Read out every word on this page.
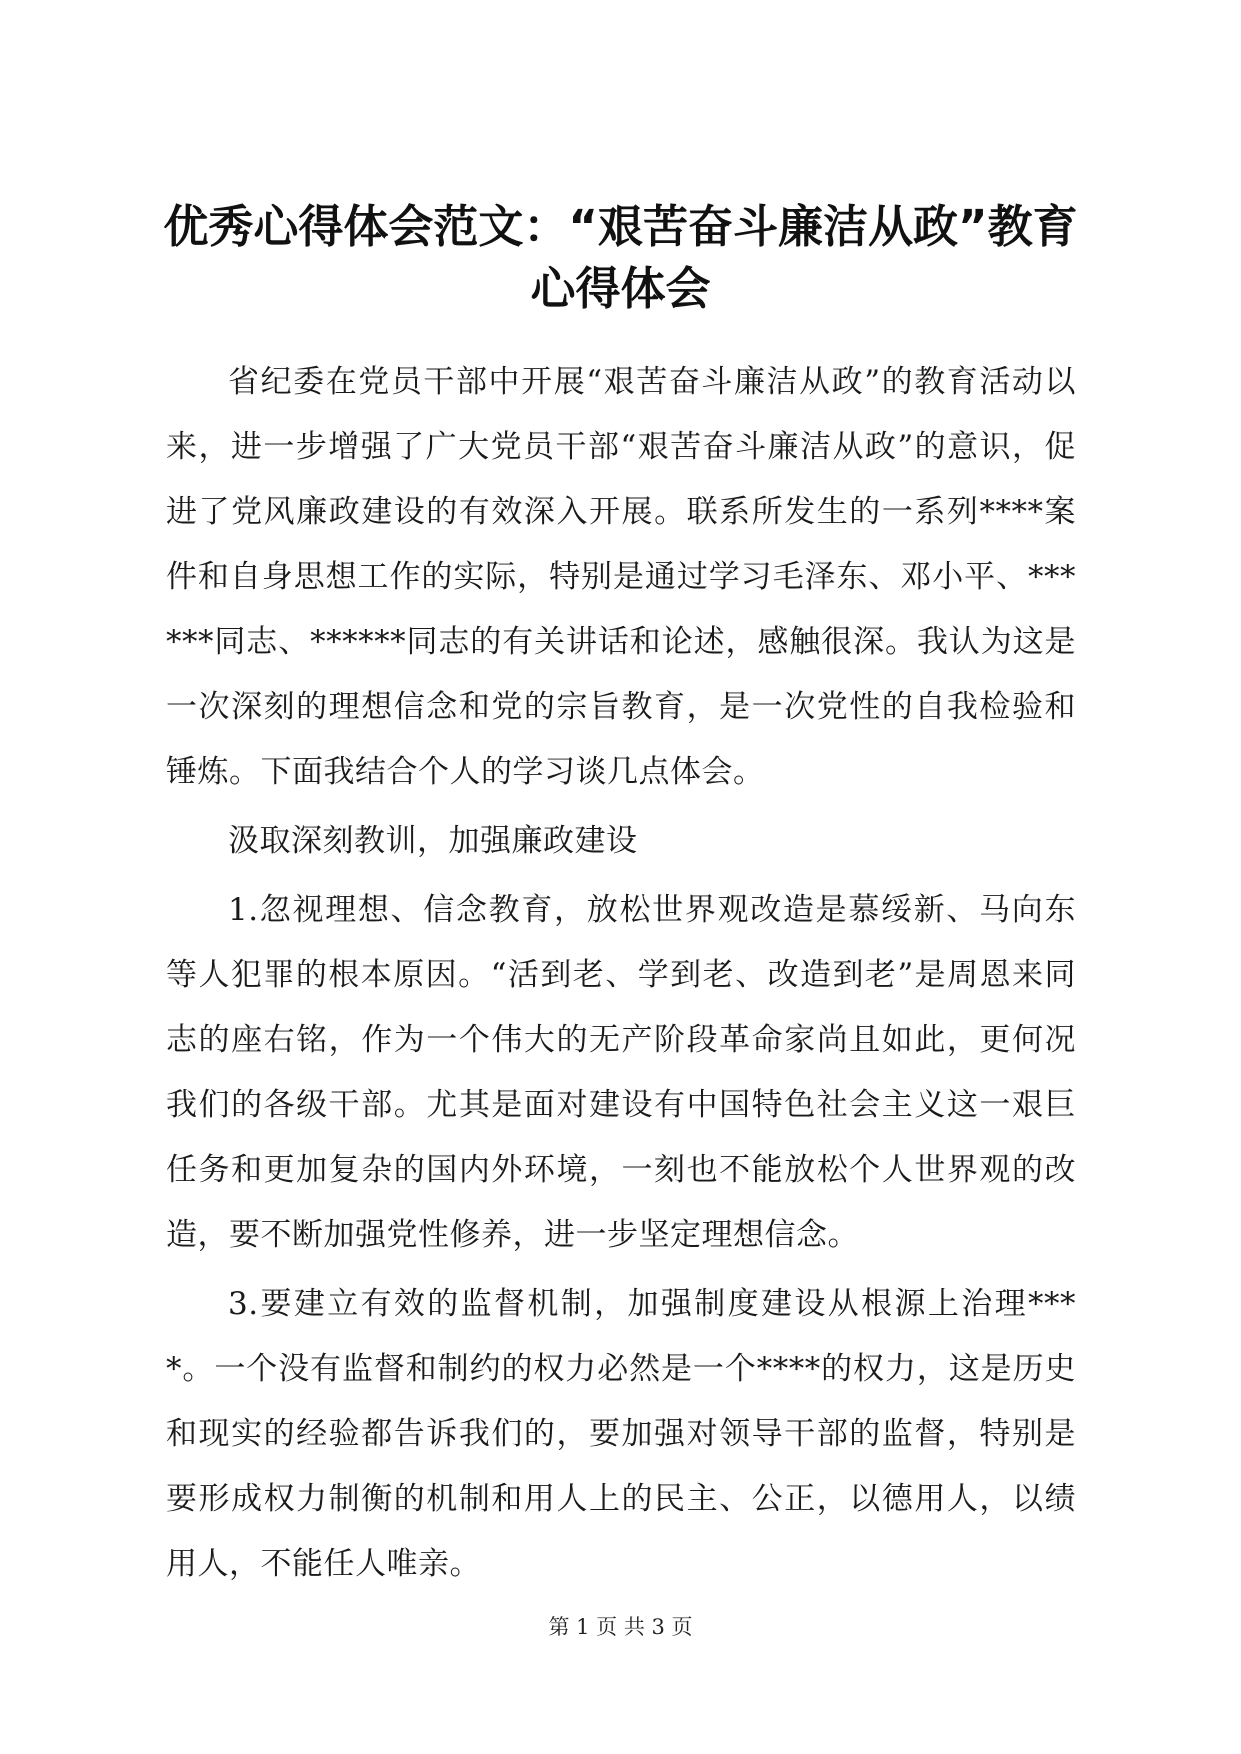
优秀心得体会范文：“艰苦奋斗廉洁从政”教育心得体会

省纪委在党员干部中开展“艰苦奋斗廉洁从政”的教育活动以来，进一步增强了广大党员干部“艰苦奋斗廉洁从政”的意识，促进了党风廉政建设的有效深入开展。联系所发生的一系列****案件和自身思想工作的实际，特别是通过学习毛泽东、邓小平、******同志、******同志的有关讲话和论述，感触很深。我认为这是一次深刻的理想信念和党的宗旨教育，是一次党性的自我检验和锤炼。下面我结合个人的学习谈几点体会。

汲取深刻教训，加强廉政建设

1.忽视理想、信念教育，放松世界观改造是慕绥新、马向东等人犯罪的根本原因。“活到老、学到老、改造到老”是周恩来同志的座右铭，作为一个伟大的无产阶段革命家尚且如此，更何况我们的各级干部。尤其是面对建设有中国特色社会主义这一艰巨任务和更加复杂的国内外环境，一刻也不能放松个人世界观的改造，要不断加强党性修养，进一步坚定理想信念。

3.要建立有效的监督机制，加强制度建设从根源上治理****。一个没有监督和制约的权力必然是一个****的权力，这是历史和现实的经验都告诉我们的，要加强对领导干部的监督，特别是要形成权力制衡的机制和用人上的民主、公正，以德用人，以绩用人，不能任人唯亲。

第 1 页 共 3 页
